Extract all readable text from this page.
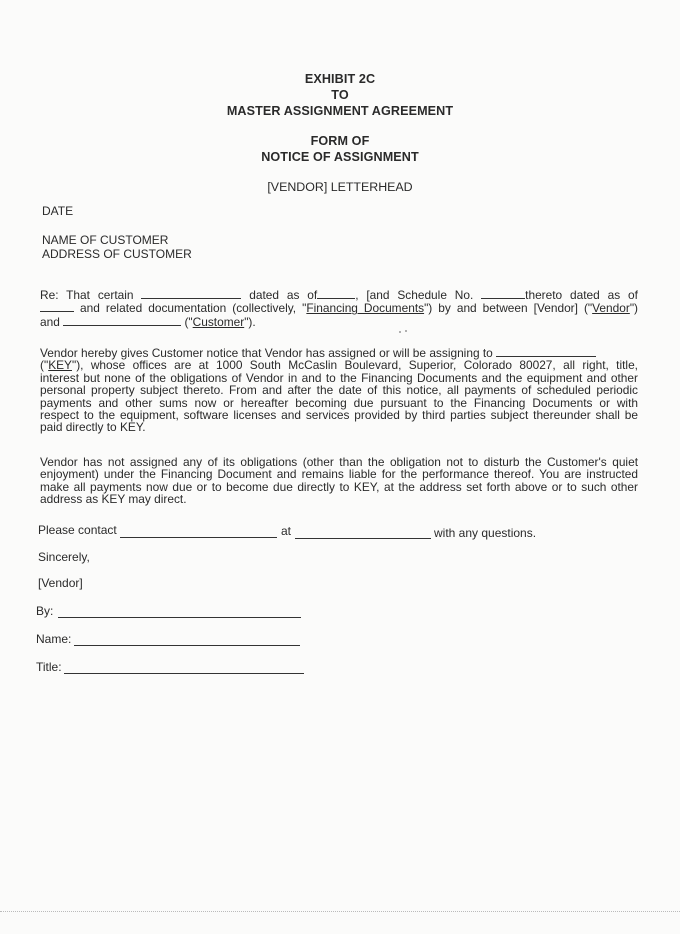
EXHIBIT 2C
TO
MASTER ASSIGNMENT AGREEMENT
FORM OF
NOTICE OF ASSIGNMENT
[VENDOR] LETTERHEAD
DATE
NAME OF CUSTOMER
ADDRESS OF CUSTOMER
Re: That certain	dated as of	, [and Schedule No.	thereto dated as of
and related documentation (collectively, "Financing Documents") by and between [Vendor] ("Vendor")
and	("Customer").
Vendor hereby gives Customer notice that Vendor has assigned or will be assigning to
("KEY"), whose offices are at 1000 South McCaslin Boulevard, Superior, Colorado 80027, all right, title,
interest but none of the obligations of Vendor in and to the Financing Documents and the equipment and other
personal property subject thereto. From and after the date of this notice, all payments of scheduled periodic
payments and other sums now or hereafter becoming due pursuant to the Financing Documents or with
respect to the equipment, software licenses and services provided by third parties subject thereunder shall be
paid directly to KEY.
Vendor has not assigned any of its obligations (other than the obligation not to disturb the Customer's quiet
enjoyment) under the Financing Document and remains liable for the performance thereof. You are instructed
make all payments now due or to become due directly to KEY, at the address set forth above or to such other
address as KEY may direct.
Please contact	at	with any questions.
Sincerely,
[Vendor]
By:
Name:
Title:
